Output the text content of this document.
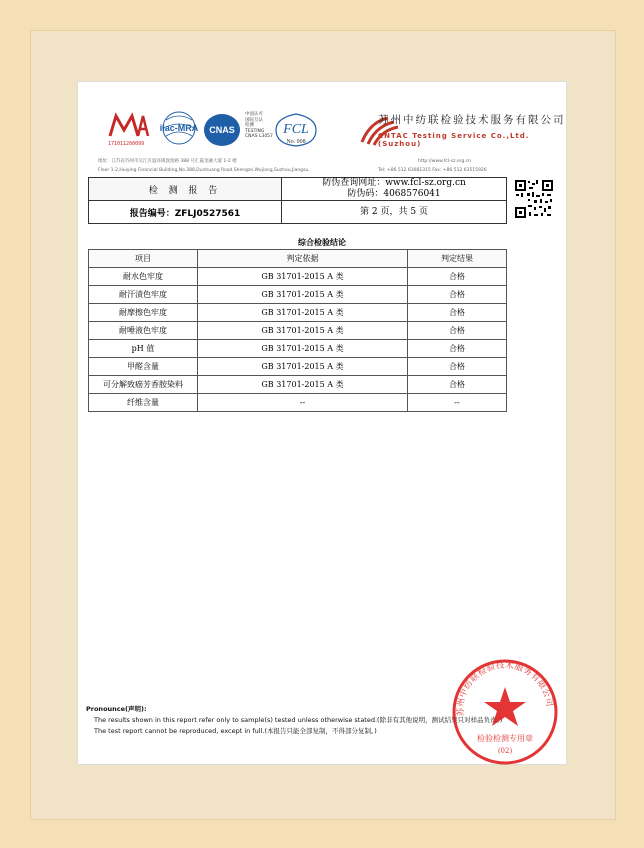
171011260099
ilac-MRA CNAS
中国认可
国际互认
检测
TESTING
CNAS L3457 FCL
No. 008
苏州中纺联检验技术服务有限公司
CNTAC Testing Service Co.,Ltd.(Suzhou)
地址：江苏省苏州市吴江区盛泽镇敦煌路 388 号汇赢金融大厦 1-2 楼
Floor 1-2,Huiying Financial Building,No.388,Dunhuang Road,Shengze,Wujiang,Suzhou,Jiangsu.
http://www.fcl-sz.org.cn
Tel: +86 512 63081315 Fax: +86 512 63515926
检 测 报 告	防伪查询网址：www.fcl-sz.org.cn
防伪码：4068576041

报告编号：ZFLJ0527561	第 2 页，共 5 页
综合检验结论
项目	判定依据	判定结果
耐水色牢度	GB 31701-2015 A 类	合格
耐汗渍色牢度	GB 31701-2015 A 类	合格
耐摩擦色牢度	GB 31701-2015 A 类	合格
耐唾液色牢度	GB 31701-2015 A 类	合格
pH 值	GB 31701-2015 A 类	合格
甲醛含量	GB 31701-2015 A 类	合格
可分解致癌芳香胺染料	GB 31701-2015 A 类	合格
纤维含量	--	--
Pronounce(声明):
The results shown in this report refer only to sample(s) tested unless otherwise stated.(除非有其他说明，测试结果只对样品负责。)
The test report cannot be reproduced, except in full.(本报告只能全部复制，不得部分复制。)
苏州中纺联检验技术服务有限公司
检验检测专用章
(02)
